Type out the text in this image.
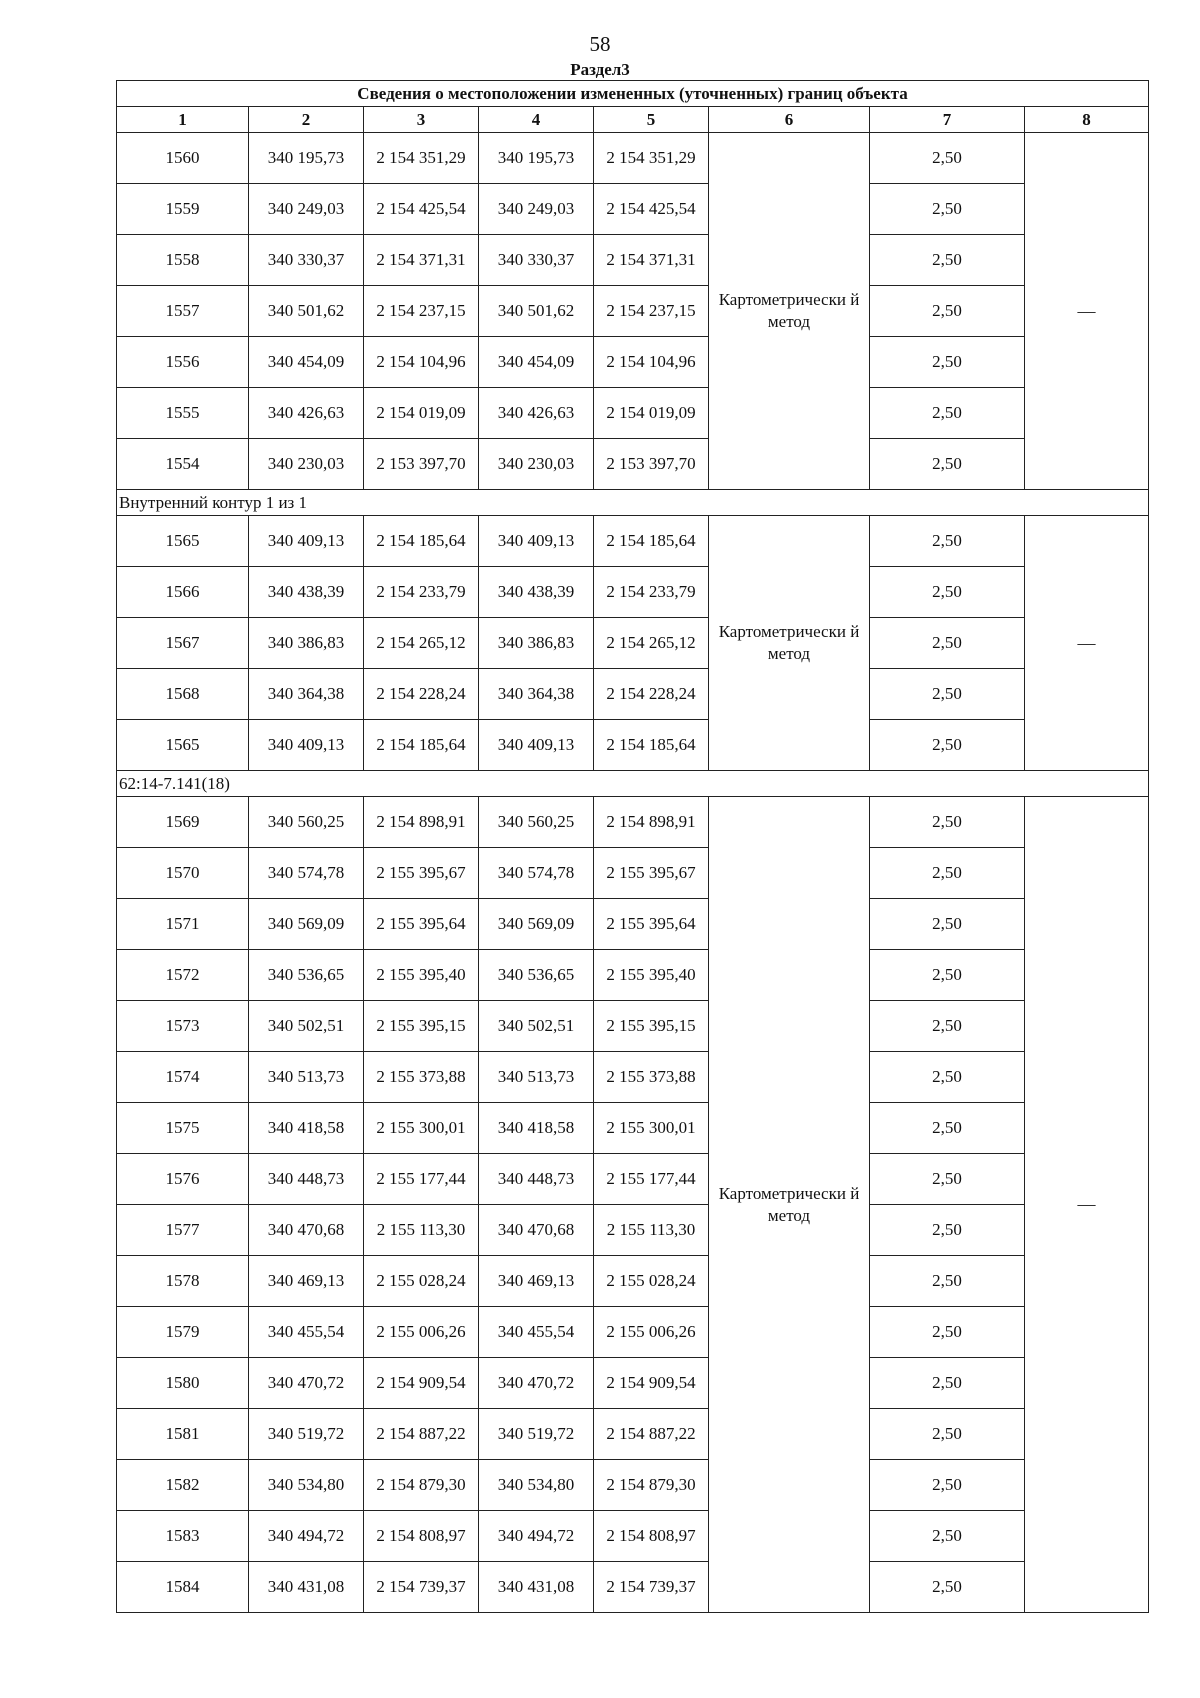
58
Раздел3
Сведения о местоположении измененных (уточненных) границ объекта							
1	2	3	4	5	6	7	8
1560	340 195,73	2 154 351,29	340 195,73	2 154 351,29	Картометрически й метод	2,50	—
1559	340 249,03	2 154 425,54	340 249,03	2 154 425,54		2,50	
1558	340 330,37	2 154 371,31	340 330,37	2 154 371,31		2,50	
1557	340 501,62	2 154 237,15	340 501,62	2 154 237,15		2,50	
1556	340 454,09	2 154 104,96	340 454,09	2 154 104,96		2,50	
1555	340 426,63	2 154 019,09	340 426,63	2 154 019,09		2,50	
1554	340 230,03	2 153 397,70	340 230,03	2 153 397,70		2,50	
Внутренний контур 1 из 1							
1565	340 409,13	2 154 185,64	340 409,13	2 154 185,64	Картометрически й метод	2,50	—
1566	340 438,39	2 154 233,79	340 438,39	2 154 233,79		2,50	
1567	340 386,83	2 154 265,12	340 386,83	2 154 265,12		2,50	
1568	340 364,38	2 154 228,24	340 364,38	2 154 228,24		2,50	
1565	340 409,13	2 154 185,64	340 409,13	2 154 185,64		2,50	
62:14-7.141(18)							
1569	340 560,25	2 154 898,91	340 560,25	2 154 898,91	Картометрически й метод	2,50	—
1570	340 574,78	2 155 395,67	340 574,78	2 155 395,67		2,50	
1571	340 569,09	2 155 395,64	340 569,09	2 155 395,64		2,50	
1572	340 536,65	2 155 395,40	340 536,65	2 155 395,40		2,50	
1573	340 502,51	2 155 395,15	340 502,51	2 155 395,15		2,50	
1574	340 513,73	2 155 373,88	340 513,73	2 155 373,88		2,50	
1575	340 418,58	2 155 300,01	340 418,58	2 155 300,01		2,50	
1576	340 448,73	2 155 177,44	340 448,73	2 155 177,44		2,50	
1577	340 470,68	2 155 113,30	340 470,68	2 155 113,30		2,50	
1578	340 469,13	2 155 028,24	340 469,13	2 155 028,24		2,50	
1579	340 455,54	2 155 006,26	340 455,54	2 155 006,26		2,50	
1580	340 470,72	2 154 909,54	340 470,72	2 154 909,54		2,50	
1581	340 519,72	2 154 887,22	340 519,72	2 154 887,22		2,50	
1582	340 534,80	2 154 879,30	340 534,80	2 154 879,30		2,50	
1583	340 494,72	2 154 808,97	340 494,72	2 154 808,97		2,50	
1584	340 431,08	2 154 739,37	340 431,08	2 154 739,37		2,50	
